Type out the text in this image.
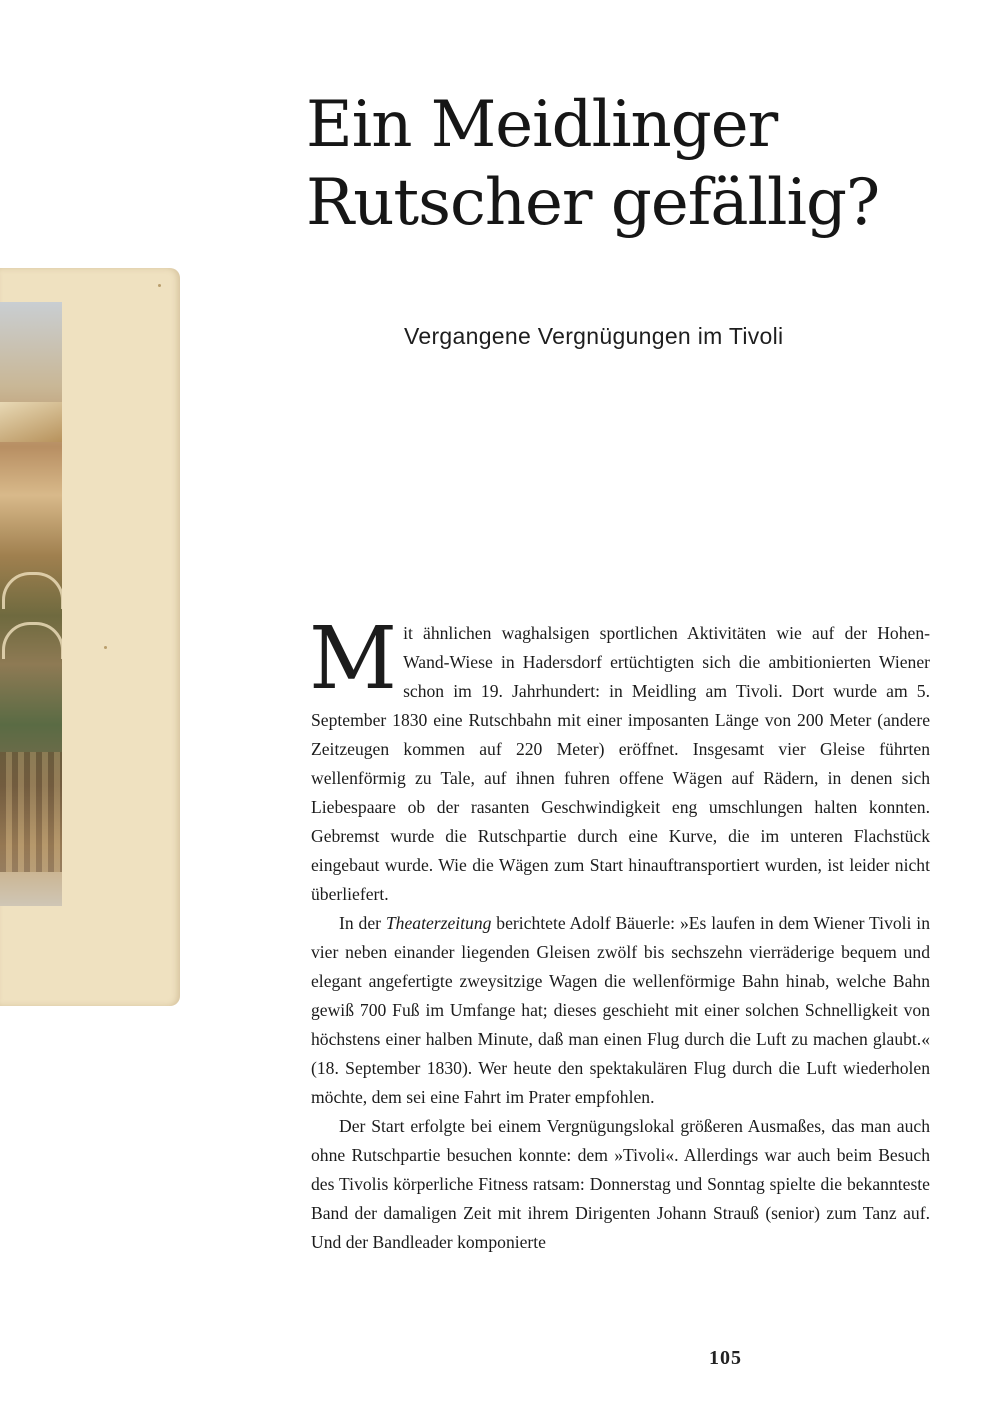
Ein Meidlinger
Rutscher gefällig?
Vergangene Vergnügungen im Tivoli

Mit ähnlichen waghalsigen sportlichen Aktivitäten wie auf der Hohen-Wand-Wiese in Hadersdorf ertüchtigten sich die ambitionierten Wiener schon im 19. Jahrhundert: in Meidling am Tivoli. Dort wurde am 5. September 1830 eine Rutschbahn mit einer imposanten Länge von 200 Meter (andere Zeitzeugen kommen auf 220 Meter) eröffnet. Insgesamt vier Gleise führten wellenförmig zu Tale, auf ihnen fuhren offene Wägen auf Rädern, in denen sich Liebespaare ob der rasanten Geschwindigkeit eng umschlungen halten konnten. Gebremst wurde die Rutschpartie durch eine Kurve, die im unteren Flachstück eingebaut wurde. Wie die Wägen zum Start hinauftransportiert wurden, ist leider nicht überliefert.

In der Theaterzeitung berichtete Adolf Bäuerle: »Es laufen in dem Wiener Tivoli in vier neben einander liegenden Gleisen zwölf bis sechszehn vierräderige bequem und elegant angefertigte zweysitzige Wagen die wellenförmige Bahn hinab, welche Bahn gewiß 700 Fuß im Umfange hat; dieses geschieht mit einer solchen Schnelligkeit von höchstens einer halben Minute, daß man einen Flug durch die Luft zu machen glaubt.« (18. September 1830). Wer heute den spektakulären Flug durch die Luft wiederholen möchte, dem sei eine Fahrt im Prater empfohlen.

Der Start erfolgte bei einem Vergnügungslokal größeren Ausmaßes, das man auch ohne Rutschpartie besuchen konnte: dem »Tivoli«. Allerdings war auch beim Besuch des Tivolis körperliche Fitness ratsam: Donnerstag und Sonntag spielte die bekannteste Band der damaligen Zeit mit ihrem Dirigenten Johann Strauß (senior) zum Tanz auf. Und der Bandleader komponierte

105
